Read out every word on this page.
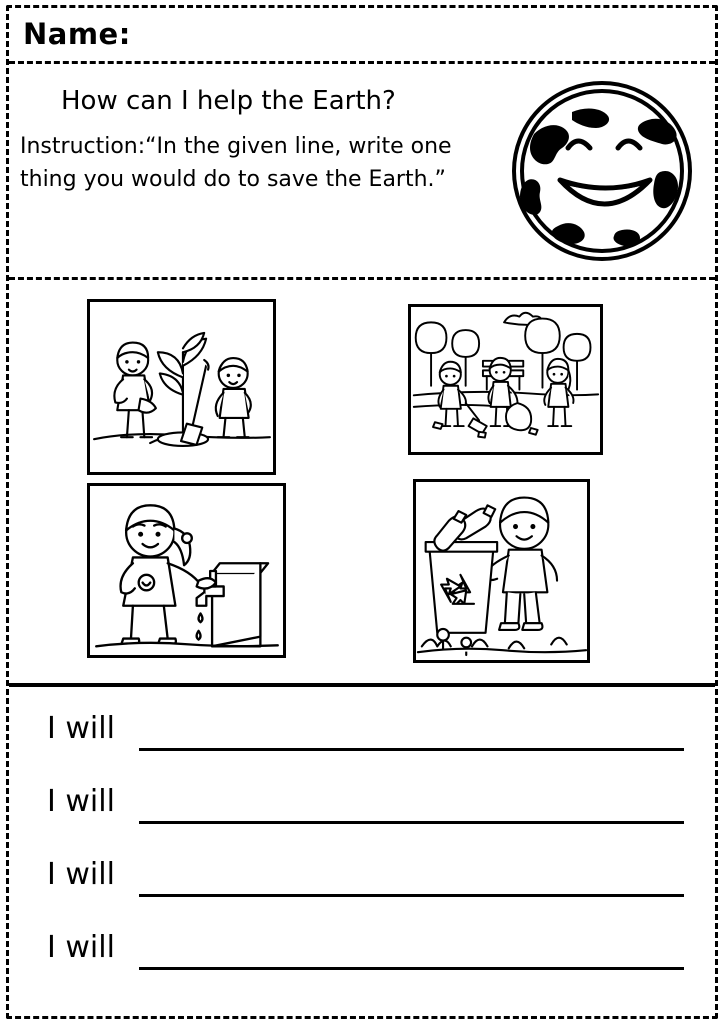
Name:
How can I help the Earth?
Instruction:“In the given line, write one thing you would do to save the Earth.”
I will
I will
I will
I will
